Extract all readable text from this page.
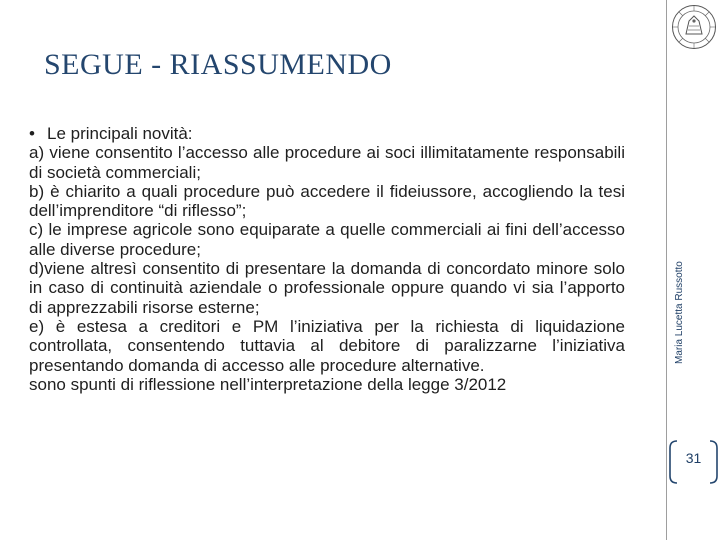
SEGUE - RIASSUMENDO

• Le principali novità:

a) viene consentito l’accesso alle procedure ai soci illimitatamente responsabili di società commerciali;

b) è chiarito a quali procedure può accedere il fideiussore, accogliendo la tesi dell’imprenditore “di riflesso”;

c) le imprese agricole sono equiparate a quelle commerciali ai fini dell’accesso alle diverse procedure;

d)viene altresì consentito di presentare la domanda di concordato minore solo in caso di continuità aziendale o professionale oppure quando vi sia l’apporto di apprezzabili risorse esterne;

e) è estesa a creditori e PM l’iniziativa per la richiesta di liquidazione controllata, consentendo tuttavia al debitore di paralizzarne l’iniziativa presentando domanda di accesso alle procedure alternative.

sono spunti di riflessione nell’interpretazione della legge 3/2012

Maria Lucetta Russotto
31
